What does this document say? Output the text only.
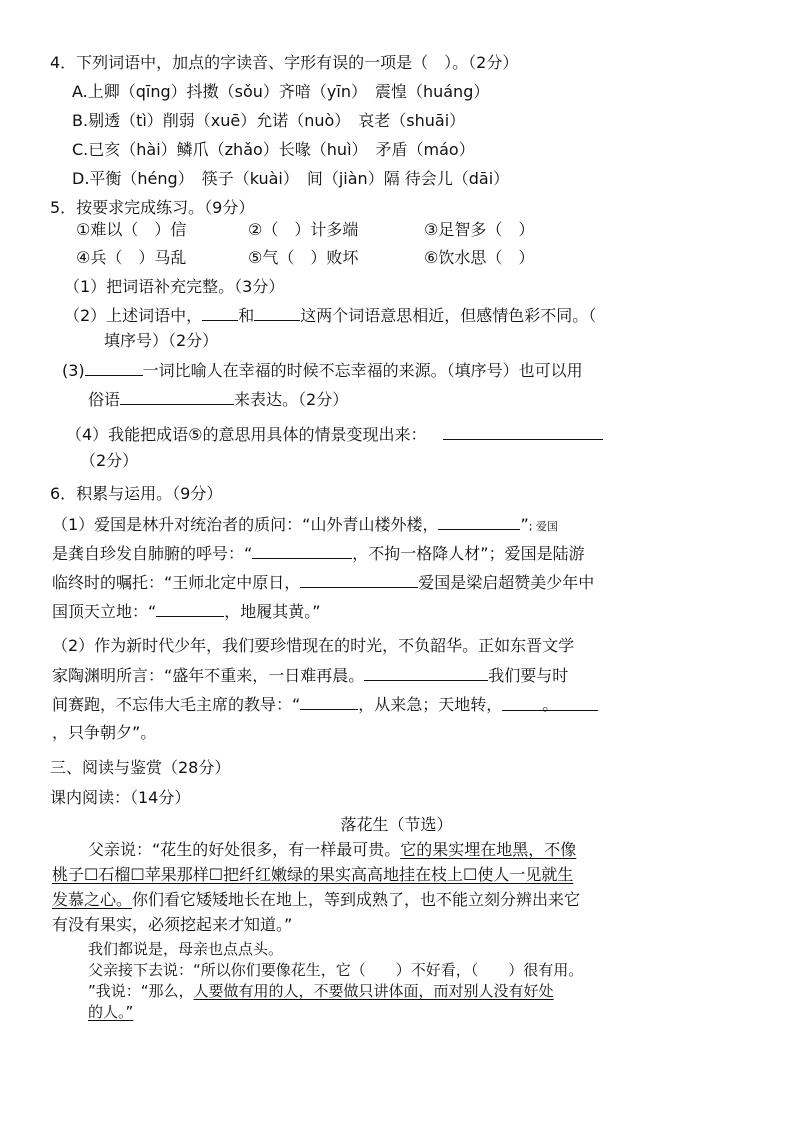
4．下列词语中，加点的字读音、字形有误的一项是（　）。（2分）
A.上卿（qīng）抖擞（sǒu）齐喑（yīn）　震惶（huáng）
B.剔透（tì）削弱（xuē）允诺（nuò）　哀老（shuāi）
C.已亥（hài）鳞爪（zhǎo）长喙（huì）　矛盾（máo）
D.平衡（héng）　筷子（kuài）　间（jiàn）隔 待会儿（dāi）
5．按要求完成练习。（9分）
①难以（　）信	②（　）计多端	③足智多（　）
④兵（　）马乱	⑤气（　）败坏	⑥饮水思（　）
（1）把词语补充完整。（3分）
（2）上述词语中， 和	这两个词语意思相近，但感情色彩不同。（
填序号）（2分）
(3)	一词比喻人在幸福的时候不忘幸福的来源。（填序号）也可以用
俗语	来表达。（2分）
（4）我能把成语⑤的意思用具体的情景变现出来：
（2分）
6．积累与运用。（9分）
（1）爱国是林升对统治者的质问：“山外青山楼外楼，	”; 爱国
是龚自珍发自肺腑的呼号：“	，不拘一格降人材”；爱国是陆游
临终时的嘱托：“王师北定中原日，	爱国是梁启超赞美少年中
国顶天立地：“	，地履其黄。”
（2）作为新时代少年，我们要珍惜现在的时光，不负韶华。正如东晋文学
家陶渊明所言：“盛年不重来，一日难再晨。	我们要与时
间赛跑，不忘伟大毛主席的教导：“	，从来急；天地转， 。
，只争朝夕”。
三、阅读与鉴赏（28分）
课内阅读：（14分）
落花生（节选）
父亲说：“花生的好处很多，有一样最可贵。它的果实埋在地黑，不像
桃子☐石榴☐苹果那样☐把纤红嫩绿的果实高高地挂在枝上☐使人一见就生
发慕之心。你们看它矮矮地长在地上，等到成熟了，也不能立刻分辨出来它
有没有果实，必须挖起来才知道。”
我们都说是，母亲也点点头。
父亲接下去说：“所以你们要像花生，它（　　）不好看，（　　）很有用。
”我说：“那么，人要做有用的人，不要做只讲体面，而对别人没有好处
的人。”
